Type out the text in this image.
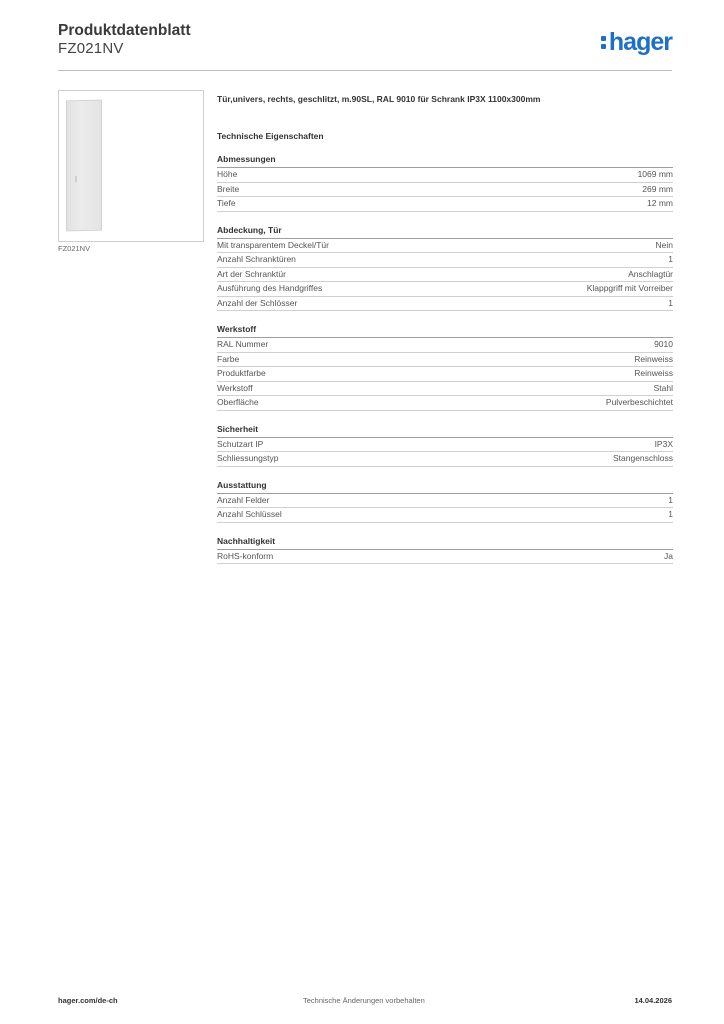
Produktdatenblatt
FZ021NV	hager
FZ021NV
Tür,univers, rechts, geschlitzt, m.90SL, RAL 9010 für Schrank IP3X 1100x300mm
Technische Eigenschaften
Abmessungen
Höhe	1069 mm
Breite	269 mm
Tiefe	12 mm
Abdeckung, Tür
Mit transparentem Deckel/Tür	Nein
Anzahl Schranktüren	1
Art der Schranktür	Anschlagtür
Ausführung des Handgriffes	Klappgriff mit Vorreiber
Anzahl der Schlösser	1
Werkstoff
RAL Nummer	9010
Farbe	Reinweiss
Produktfarbe	Reinweiss
Werkstoff	Stahl
Oberfläche	Pulverbeschichtet
Sicherheit
Schutzart IP	IP3X
Schliessungstyp	Stangenschloss
Ausstattung
Anzahl Felder	1
Anzahl Schlüssel	1
Nachhaltigkeit
RoHS-konform	Ja
hager.com/de-ch	Technische Änderungen vorbehalten	14.04.2026
